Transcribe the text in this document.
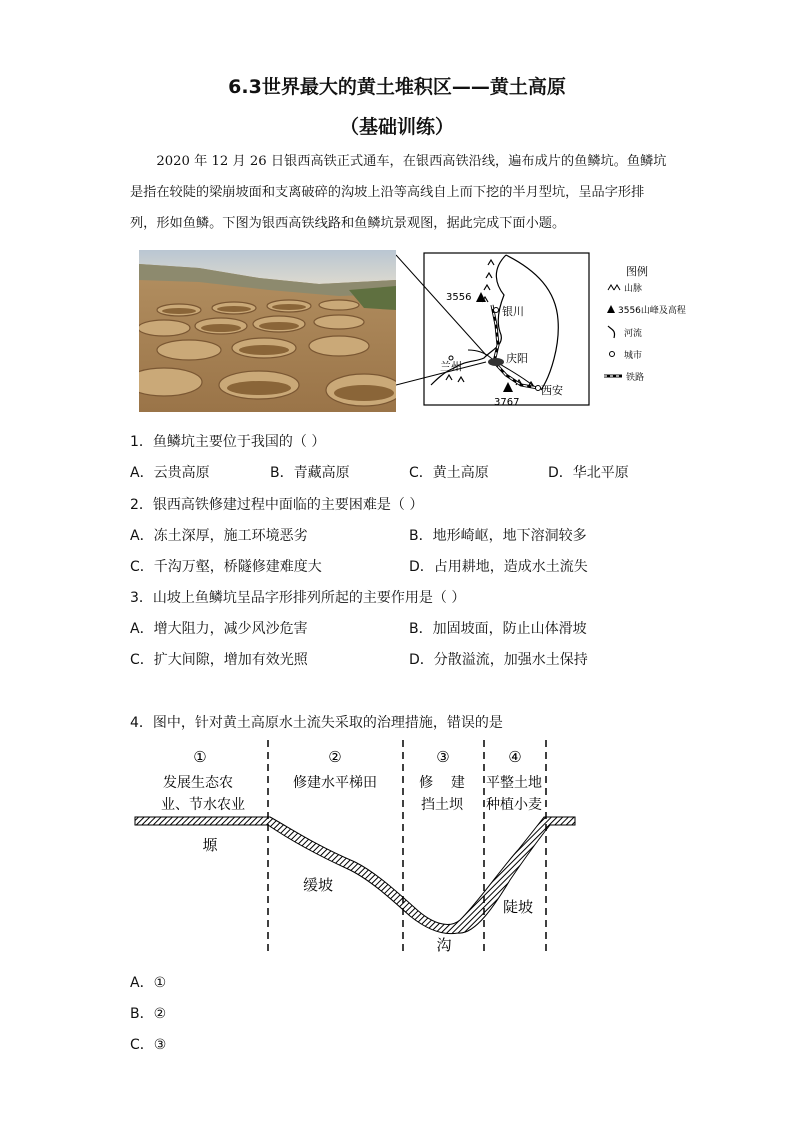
6.3世界最大的黄土堆积区——黄土高原
（基础训练）
2020 年 12 月 26 日银西高铁正式通车，在银西高铁沿线，遍布成片的鱼鳞坑。鱼鳞坑是指在较陡的梁崩坡面和支离破碎的沟坡上沿等高线自上而下挖的半月型坑，呈品字形排列，形如鱼鳞。下图为银西高铁线路和鱼鳞坑景观图，据此完成下面小题。
3556
3767
银川
兰州
庆阳
西安
图例
山脉
3556山峰及高程
河流
城市
铁路
1．鱼鳞坑主要位于我国的（ ）
A．云贵高原	B．青藏高原	C．黄土高原	D．华北平原
2．银西高铁修建过程中面临的主要困难是（ ）
A．冻土深厚，施工环境恶劣	B．地形崎岖，地下溶洞较多
C．千沟万壑，桥隧修建难度大	D．占用耕地，造成水土流失
3．山坡上鱼鳞坑呈品字形排列所起的主要作用是（ ）
A．增大阻力，减少风沙危害	B．加固坡面，防止山体滑坡
C．扩大间隙，增加有效光照	D．分散溢流，加强水土保持
4．图中，针对黄土高原水土流失采取的治理措施，错误的是
①	②	③	④
发展生态农
业、节水农业
修建水平梯田	修    建
挡土坝
平整土地
种植小麦
塬
缓坡
沟
陡坡
A．①
B．②
C．③
